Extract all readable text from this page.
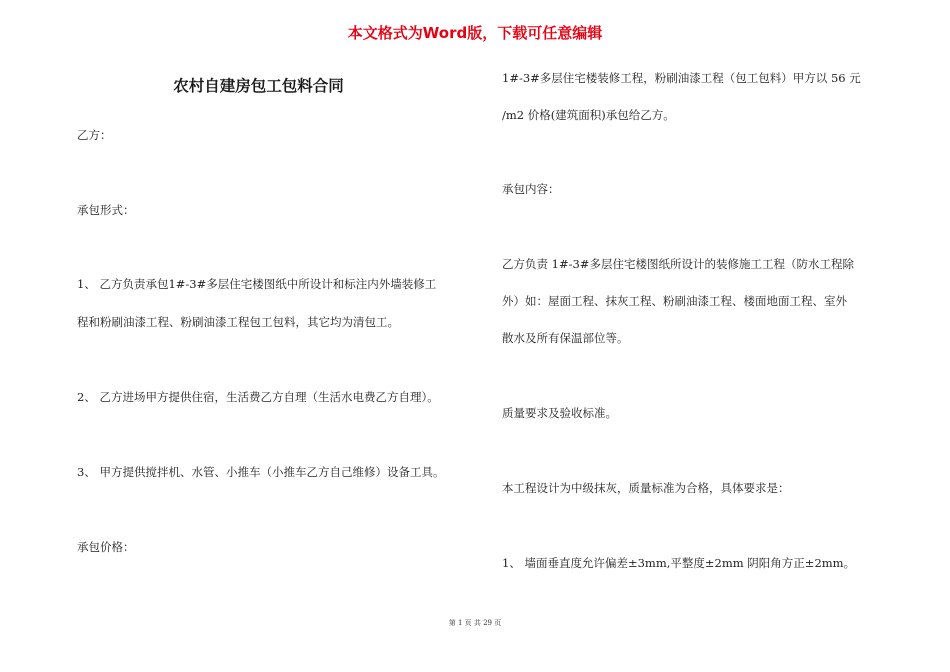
本文格式为Word版，下载可任意编辑
农村自建房包工包料合同
乙方：
承包形式：
1、 乙方负责承包1#-3#多层住宅楼图纸中所设计和标注内外墙装修工
程和粉刷油漆工程、粉刷油漆工程包工包料，其它均为清包工。
2、 乙方进场甲方提供住宿，生活费乙方自理（生活水电费乙方自理）。
3、 甲方提供搅拌机、水管、小推车（小推车乙方自己维修）设备工具。
承包价格：
1#-3#多层住宅楼装修工程，粉刷油漆工程（包工包料）甲方以 56 元
/m2 价格(建筑面积)承包给乙方。
承包内容：
乙方负责 1#-3#多层住宅楼图纸所设计的装修施工工程（防水工程除
外）如：屋面工程、抹灰工程、粉刷油漆工程、楼面地面工程、室外
散水及所有保温部位等。
质量要求及验收标准。
本工程设计为中级抹灰，质量标准为合格，具体要求是：
1、 墙面垂直度允许偏差±3mm,平整度±2mm 阴阳角方正±2mm。
第 1 页 共 29 页
